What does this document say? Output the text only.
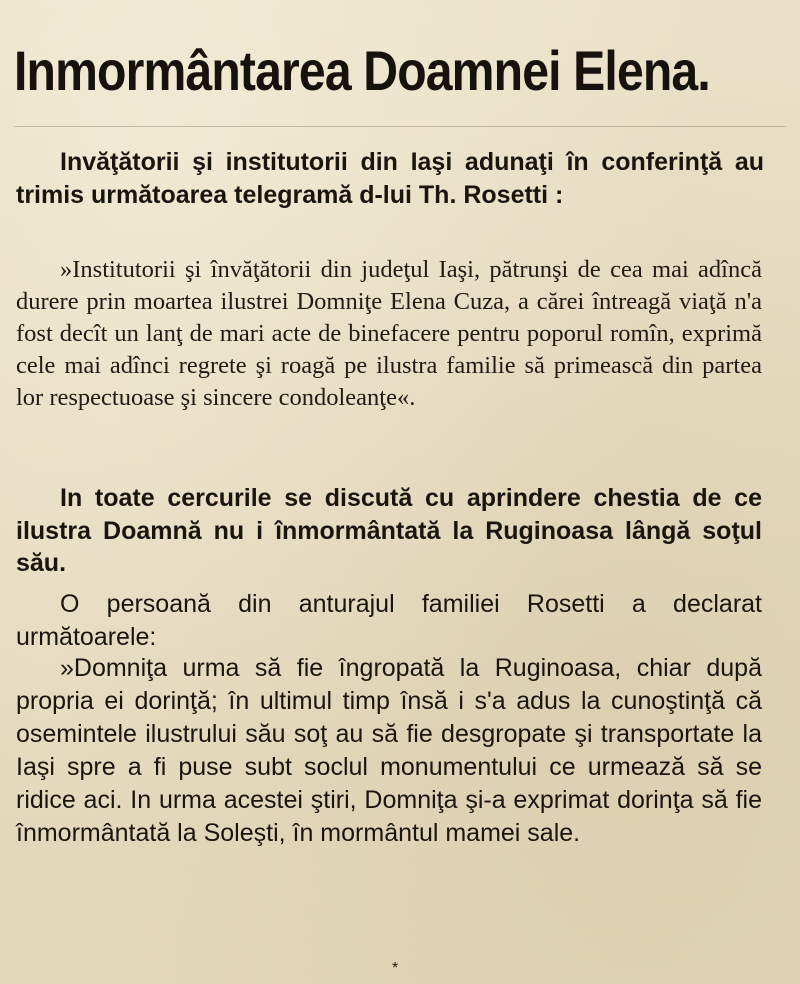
Inmormântarea Doamnei Elena.

Invăţătorii şi institutorii din Iaşi adunaţi în conferinţă au trimis următoarea telegramă d-lui Th. Rosetti :

»Institutorii şi învăţătorii din judeţul Iaşi, pătrunşi de cea mai adîncă durere prin moartea ilustrei Domniţe Elena Cuza, a cărei întreagă viaţă n'a fost decît un lanţ de mari acte de binefacere pentru poporul romîn, exprimă cele mai adînci regrete şi roagă pe ilustra familie să primească din partea lor respectuoase şi sincere condoleanţe«.

In toate cercurile se discută cu aprindere chestia de ce ilustra Doamnă nu i înmormântată la Ruginoasa lângă soţul său.

O persoană din anturajul familiei Rosetti a declarat următoarele:

»Domniţa urma să fie îngropată la Ruginoasa, chiar după propria ei dorinţă; în ultimul timp însă i s'a adus la cunoştinţă că osemintele ilustrului său soţ au să fie desgropate şi transportate la Iaşi spre a fi puse subt soclul monumentului ce urmează să se ridice aci. In urma acestei ştiri, Domniţa şi-a exprimat dorinţa să fie înmormântată la Soleşti, în mormântul mamei sale.

*
